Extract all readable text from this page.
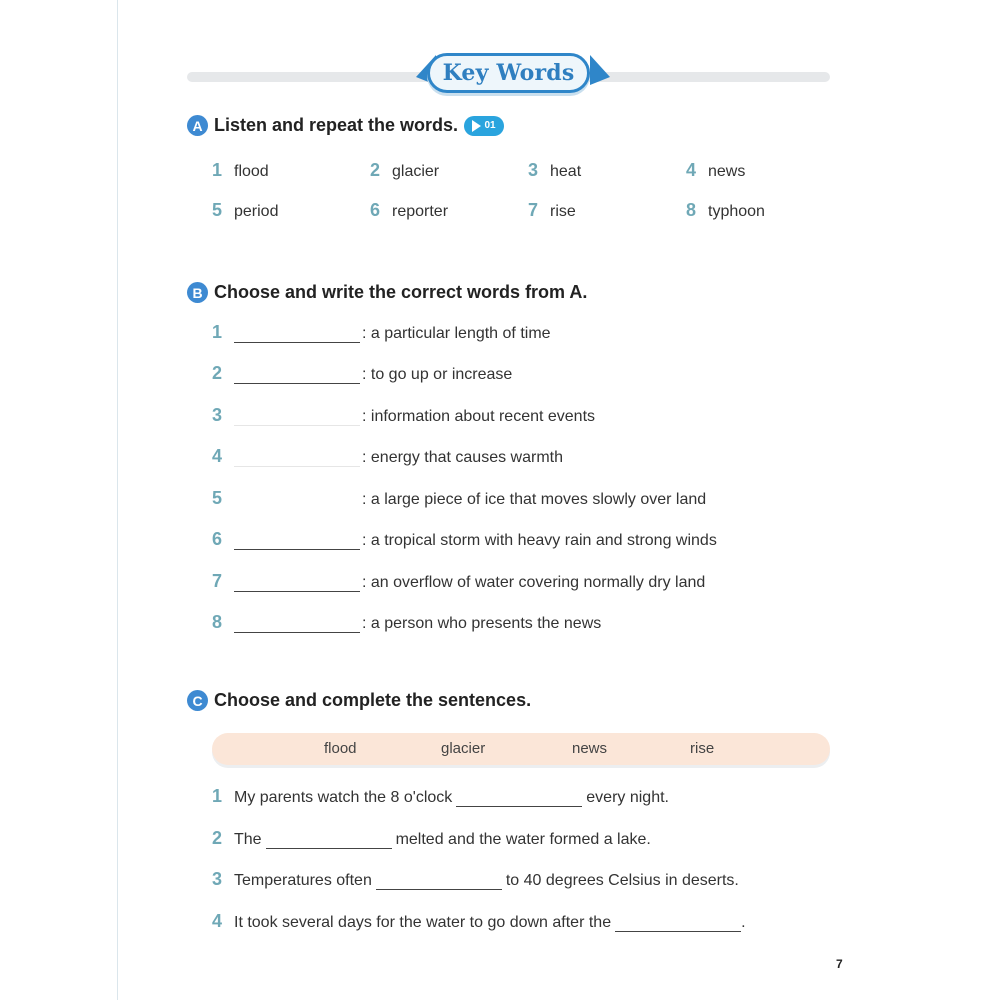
Key Words
A Listen and repeat the words.	01
1 flood	2 glacier	3 heat	4 news
5 period	6 reporter	7 rise	8 typhoon
B Choose and write the correct words from A.
1	: a particular length of time
2	: to go up or increase
3	: information about recent events
4	: energy that causes warmth
5	: a large piece of ice that moves slowly over land
6	: a tropical storm with heavy rain and strong winds
7	: an overflow of water covering normally dry land
8	: a person who presents the news
C Choose and complete the sentences.
flood	glacier	news	rise
1 My parents watch the 8 o'clock	every night.
2 The	melted and the water formed a lake.
3 Temperatures often	to 40 degrees Celsius in deserts.
4 It took several days for the water to go down after the	.
7
